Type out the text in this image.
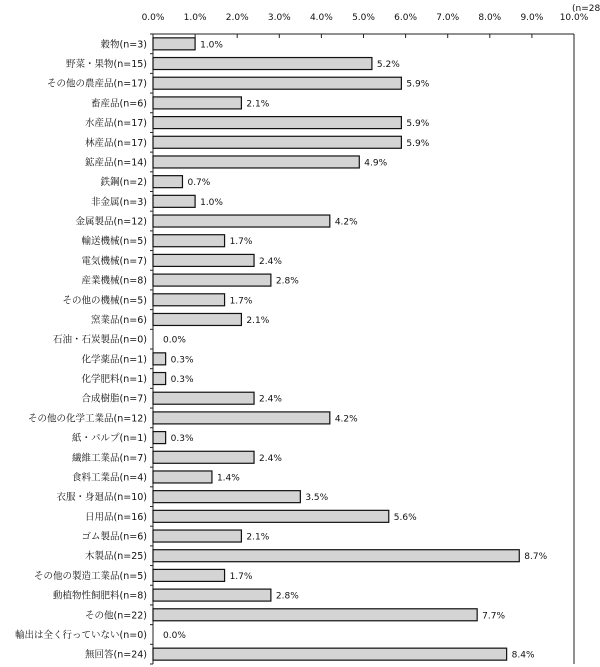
(n=28
0.0% 1.0% 2.0% 3.0% 4.0% 5.0% 6.0% 7.0% 8.0% 9.0% 10.0%
穀物(n=3)	1.0%
野菜・果物(n=15)	5.2%
その他の農産品(n=17)	5.9%
畜産品(n=6)	2.1%
水産品(n=17)	5.9%
林産品(n=17)	5.9%
鉱産品(n=14)	4.9%
鉄鋼(n=2)	0.7%
非金属(n=3)	1.0%
金属製品(n=12)	4.2%
輸送機械(n=5)	1.7%
電気機械(n=7)	2.4%
産業機械(n=8)	2.8%
その他の機械(n=5)	1.7%
窯業品(n=6)	2.1%
石油・石炭製品(n=0) 0.0%
化学薬品(n=1)	0.3%
化学肥料(n=1)	0.3%
合成樹脂(n=7)	2.4%
その他の化学工業品(n=12)	4.2%
紙・パルプ(n=1)	0.3%
繊維工業品(n=7)	2.4%
食料工業品(n=4)	1.4%
衣服・身廻品(n=10)	3.5%
日用品(n=16)	5.6%
ゴム製品(n=6)	2.1%
木製品(n=25)	8.7%
その他の製造工業品(n=5)	1.7%
動植物性飼肥料(n=8)	2.8%
その他(n=22)	7.7%
輸出は全く行っていない(n=0) 0.0%
無回答(n=24)	8.4%
